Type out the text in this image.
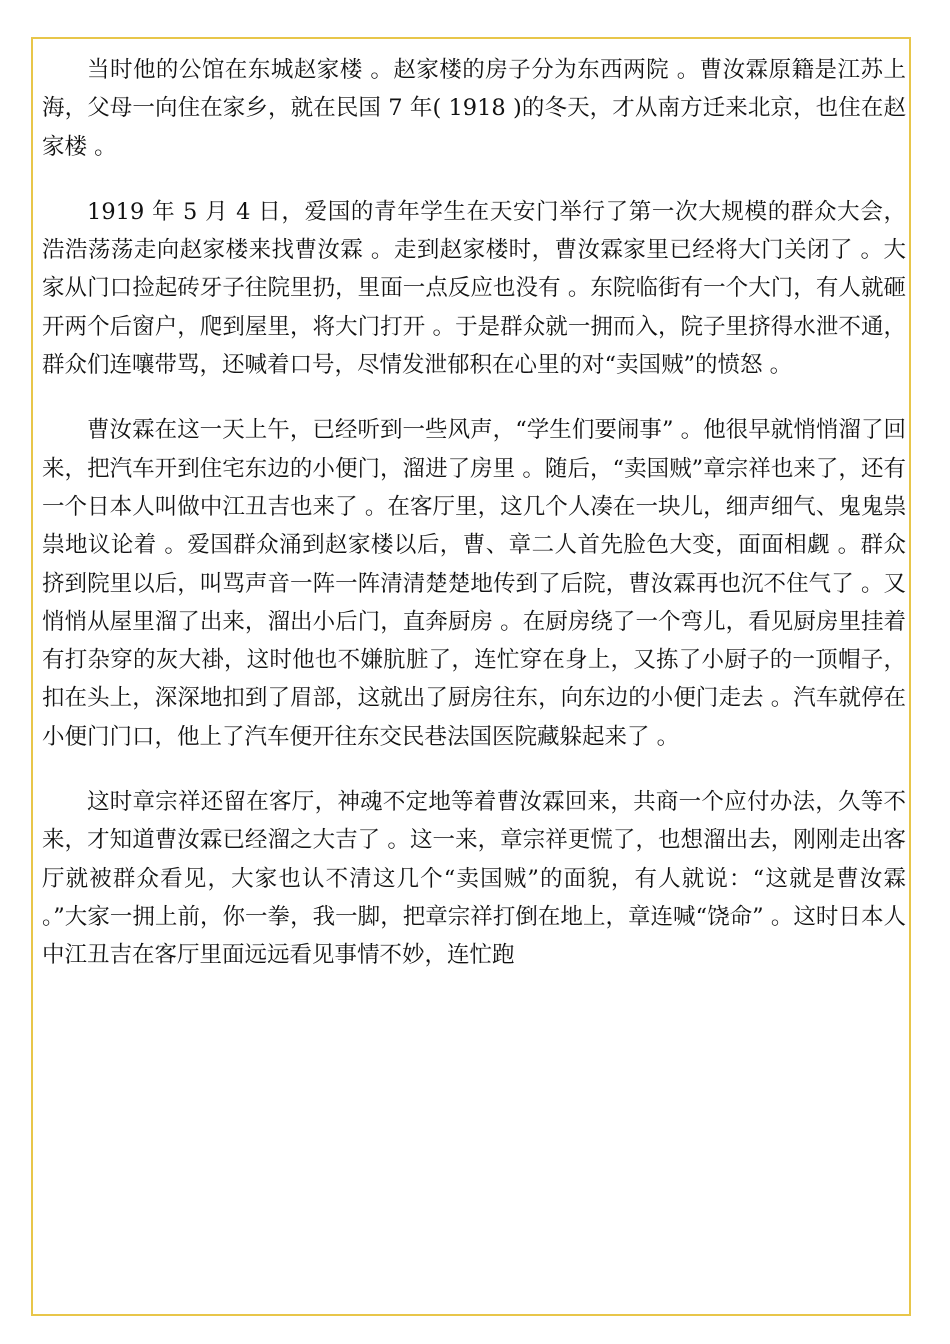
当时他的公馆在东城赵家楼 。赵家楼的房子分为东西两院 。曹汝霖原籍是江苏上海，父母一向住在家乡，就在民国 7 年( 1918 )的冬天，才从南方迁来北京，也住在赵家楼 。

1919 年 5 月 4 日，爱国的青年学生在天安门举行了第一次大规模的群众大会，浩浩荡荡走向赵家楼来找曹汝霖 。走到赵家楼时，曹汝霖家里已经将大门关闭了 。大家从门口捡起砖牙子往院里扔，里面一点反应也没有 。东院临街有一个大门，有人就砸开两个后窗户，爬到屋里，将大门打开 。于是群众就一拥而入，院子里挤得水泄不通，群众们连嚷带骂，还喊着口号，尽情发泄郁积在心里的对“卖国贼”的愤怒 。

曹汝霖在这一天上午，已经听到一些风声，“学生们要闹事” 。他很早就悄悄溜了回来，把汽车开到住宅东边的小便门，溜进了房里 。随后，“卖国贼”章宗祥也来了，还有一个日本人叫做中江丑吉也来了 。在客厅里，这几个人凑在一块儿，细声细气、鬼鬼祟祟地议论着 。爱国群众涌到赵家楼以后，曹、章二人首先脸色大变，面面相觑 。群众挤到院里以后，叫骂声音一阵一阵清清楚楚地传到了后院，曹汝霖再也沉不住气了 。又悄悄从屋里溜了出来，溜出小后门，直奔厨房 。在厨房绕了一个弯儿，看见厨房里挂着有打杂穿的灰大褂，这时他也不嫌肮脏了，连忙穿在身上，又拣了小厨子的一顶帽子，扣在头上，深深地扣到了眉部，这就出了厨房往东，向东边的小便门走去 。汽车就停在小便门门口，他上了汽车便开往东交民巷法国医院藏躲起来了 。

这时章宗祥还留在客厅，神魂不定地等着曹汝霖回来，共商一个应付办法，久等不来，才知道曹汝霖已经溜之大吉了 。这一来，章宗祥更慌了，也想溜出去，刚刚走出客厅就被群众看见，大家也认不清这几个“卖国贼”的面貌，有人就说：“这就是曹汝霖 。”大家一拥上前，你一拳，我一脚，把章宗祥打倒在地上，章连喊“饶命” 。这时日本人中江丑吉在客厅里面远远看见事情不妙，连忙跑
